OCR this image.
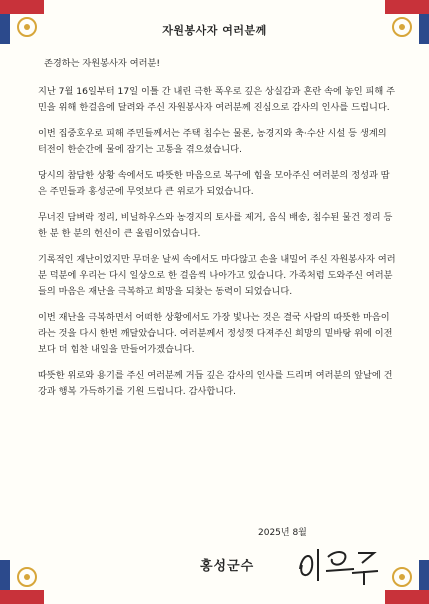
자원봉사자 여러분께

존경하는 자원봉사자 여러분!

지난 7월 16일부터 17일 이틀 간 내린 극한 폭우로 깊은 상실감과 혼란 속에 놓인 피해 주민을 위해 한걸음에 달려와 주신 자원봉사자 여러분께 진심으로 감사의 인사를 드립니다.

이번 집중호우로 피해 주민들께서는 주택 침수는 물론, 농경지와 축·수산 시설 등 생계의 터전이 한순간에 물에 잠기는 고통을 겪으셨습니다.

당시의 참담한 상황 속에서도 따뜻한 마음으로 복구에 힘을 모아주신 여러분의 정성과 땀은 주민들과 홍성군에 무엇보다 큰 위로가 되었습니다.

무너진 담벼락 정리, 비닐하우스와 농경지의 토사를 제거, 음식 배송, 침수된 물건 정리 등 한 분 한 분의 헌신이 큰 울림이었습니다.

기록적인 재난이었지만 무더운 날씨 속에서도 마다않고 손을 내밀어 주신 자원봉사자 여러분 덕분에 우리는 다시 일상으로 한 걸음씩 나아가고 있습니다. 가족처럼 도와주신 여러분들의 마음은 재난을 극복하고 희망을 되찾는 동력이 되었습니다.

이번 재난을 극복하면서 어떠한 상황에서도 가장 빛나는 것은 결국 사람의 따뜻한 마음이라는 것을 다시 한번 깨달았습니다. 여러분께서 정성껏 다져주신 희망의 밑바탕 위에 이전보다 더 힘찬 내일을 만들어가겠습니다.

따뜻한 위로와 용기를 주신 여러분께 거듭 깊은 감사의 인사를 드리며 여러분의 앞날에 건강과 행복 가득하기를 기원 드립니다. 감사합니다.

2025년 8월
홍성군수
